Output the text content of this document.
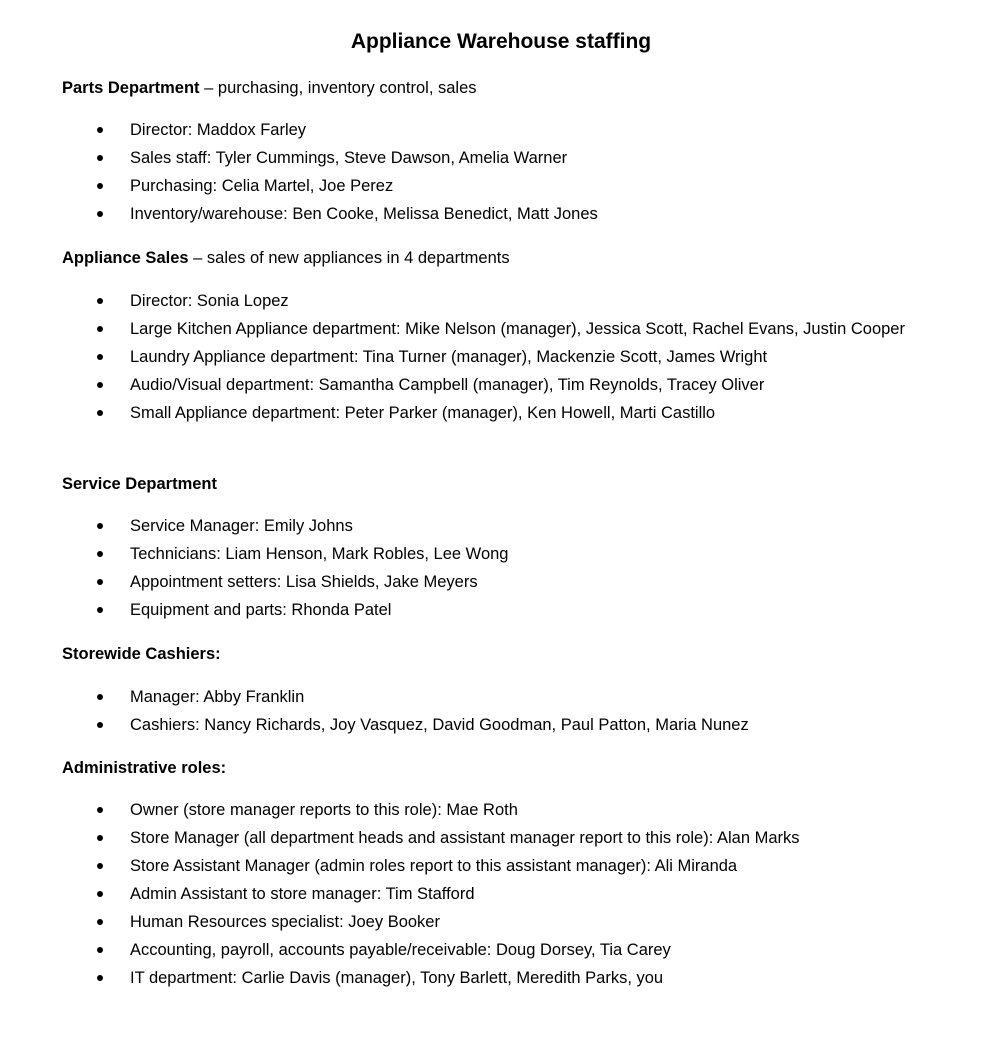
Appliance Warehouse staffing
Parts Department – purchasing, inventory control, sales
Director: Maddox Farley
Sales staff: Tyler Cummings, Steve Dawson, Amelia Warner
Purchasing: Celia Martel, Joe Perez
Inventory/warehouse: Ben Cooke, Melissa Benedict, Matt Jones
Appliance Sales – sales of new appliances in 4 departments
Director: Sonia Lopez
Large Kitchen Appliance department: Mike Nelson (manager), Jessica Scott, Rachel Evans, Justin Cooper
Laundry Appliance department: Tina Turner (manager), Mackenzie Scott, James Wright
Audio/Visual department: Samantha Campbell (manager), Tim Reynolds, Tracey Oliver
Small Appliance department: Peter Parker (manager), Ken Howell, Marti Castillo
Service Department
Service Manager: Emily Johns
Technicians: Liam Henson, Mark Robles, Lee Wong
Appointment setters: Lisa Shields, Jake Meyers
Equipment and parts: Rhonda Patel
Storewide Cashiers:
Manager: Abby Franklin
Cashiers: Nancy Richards, Joy Vasquez, David Goodman, Paul Patton, Maria Nunez
Administrative roles:
Owner (store manager reports to this role): Mae Roth
Store Manager (all department heads and assistant manager report to this role): Alan Marks
Store Assistant Manager (admin roles report to this assistant manager): Ali Miranda
Admin Assistant to store manager: Tim Stafford
Human Resources specialist: Joey Booker
Accounting, payroll, accounts payable/receivable: Doug Dorsey, Tia Carey
IT department: Carlie Davis (manager), Tony Barlett, Meredith Parks, you
